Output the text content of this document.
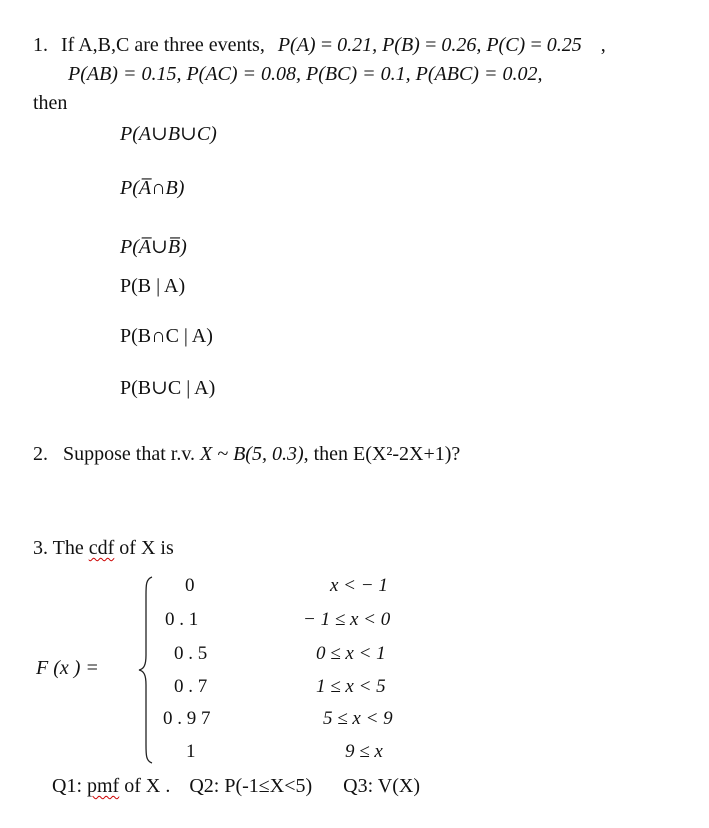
1. If A,B,C are three events, P(A) = 0.21, P(B) = 0.26, P(C) = 0.25 ,
P(AB) = 0.15, P(AC) = 0.08, P(BC) = 0.1, P(ABC) = 0.02,
then
P(A∪B∪C)
P(A̅∩B)
P(A̅∪B̅)
P(B | A)
P(B∩C | A)
P(B∪C | A)
2. Suppose that r.v. X ~ B(5, 0.3), then E(X²-2X+1)?
3. The cdf of X is
F (x ) =
0	x < − 1
0 . 1	− 1 ≤ x < 0
0 . 5	0 ≤ x < 1
0 . 7	1 ≤ x < 5
0 . 9 7	5 ≤ x < 9
1	9 ≤ x
Q1: pmf of X . Q2: P(-1≤X<5) Q3: V(X)
